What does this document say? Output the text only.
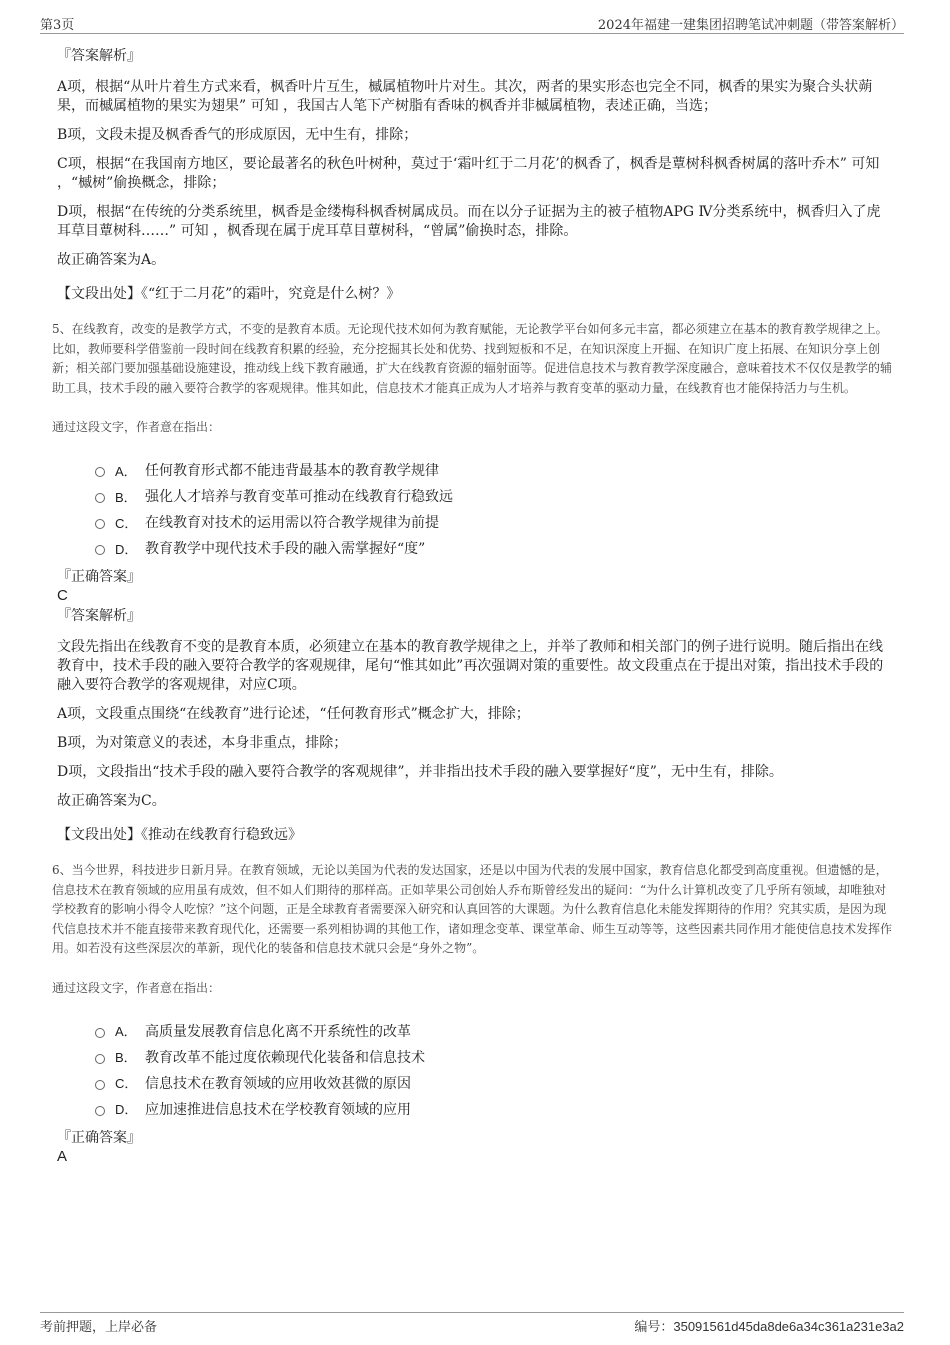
第3页	2024年福建一建集团招聘笔试冲刺题（带答案解析）
『答案解析』

A项，根据“从叶片着生方式来看，枫香叶片互生，槭属植物叶片对生。其次，两者的果实形态也完全不同，枫香的果实为聚合头状蒴果，而槭属植物的果实为翅果” 可知 ，我国古人笔下产树脂有香味的枫香并非槭属植物，表述正确，当选；

B项，文段未提及枫香香气的形成原因，无中生有，排除；

C项，根据“在我国南方地区，要论最著名的秋色叶树种，莫过于‘霜叶红于二月花’的枫香了，枫香是蕈树科枫香树属的落叶乔木” 可知 ，“槭树”偷换概念，排除；

D项，根据“在传统的分类系统里，枫香是金缕梅科枫香树属成员。而在以分子证据为主的被子植物APG Ⅳ分类系统中，枫香归入了虎耳草目蕈树科……” 可知 ，枫香现在属于虎耳草目蕈树科，“曾属”偷换时态，排除。

故正确答案为A。

【文段出处】《“红于二月花”的霜叶，究竟是什么树？》

5、在线教育，改变的是教学方式，不变的是教育本质。无论现代技术如何为教育赋能，无论教学平台如何多元丰富，都必须建立在基本的教育教学规律之上。比如，教师要科学借鉴前一段时间在线教育积累的经验，充分挖掘其长处和优势、找到短板和不足，在知识深度上开掘、在知识广度上拓展、在知识分享上创新；相关部门要加强基础设施建设，推动线上线下教育融通，扩大在线教育资源的辐射面等。促进信息技术与教育教学深度融合，意味着技术不仅仅是教学的辅助工具，技术手段的融入要符合教学的客观规律。惟其如此，信息技术才能真正成为人才培养与教育变革的驱动力量，在线教育也才能保持活力与生机。

通过这段文字，作者意在指出：

A． 任何教育形式都不能违背最基本的教育教学规律
B． 强化人才培养与教育变革可推动在线教育行稳致远
C． 在线教育对技术的运用需以符合教学规律为前提
D． 教育教学中现代技术手段的融入需掌握好“度”
『正确答案』
C
『答案解析』

文段先指出在线教育不变的是教育本质，必须建立在基本的教育教学规律之上，并举了教师和相关部门的例子进行说明。随后指出在线教育中，技术手段的融入要符合教学的客观规律，尾句“惟其如此”再次强调对策的重要性。故文段重点在于提出对策，指出技术手段的融入要符合教学的客观规律，对应C项。

A项，文段重点围绕“在线教育”进行论述，“任何教育形式”概念扩大，排除；

B项，为对策意义的表述，本身非重点，排除；

D项，文段指出“技术手段的融入要符合教学的客观规律”，并非指出技术手段的融入要掌握好“度”，无中生有，排除。

故正确答案为C。

【文段出处】《推动在线教育行稳致远》

6、当今世界，科技进步日新月异。在教育领域，无论以美国为代表的发达国家，还是以中国为代表的发展中国家，教育信息化都受到高度重视。但遗憾的是，信息技术在教育领域的应用虽有成效，但不如人们期待的那样高。正如苹果公司创始人乔布斯曾经发出的疑问：“为什么计算机改变了几乎所有领域，却唯独对学校教育的影响小得令人吃惊？”这个问题，正是全球教育者需要深入研究和认真回答的大课题。为什么教育信息化未能发挥期待的作用？究其实质，是因为现代信息技术并不能直接带来教育现代化，还需要一系列相协调的其他工作，诸如理念变革、课堂革命、师生互动等等，这些因素共同作用才能使信息技术发挥作用。如若没有这些深层次的革新，现代化的装备和信息技术就只会是“身外之物”。

通过这段文字，作者意在指出：

A． 高质量发展教育信息化离不开系统性的改革
B． 教育改革不能过度依赖现代化装备和信息技术
C． 信息技术在教育领域的应用收效甚微的原因
D． 应加速推进信息技术在学校教育领域的应用
『正确答案』
A
考前押题，上岸必备	编号：35091561d45da8de6a34c361a231e3a2
